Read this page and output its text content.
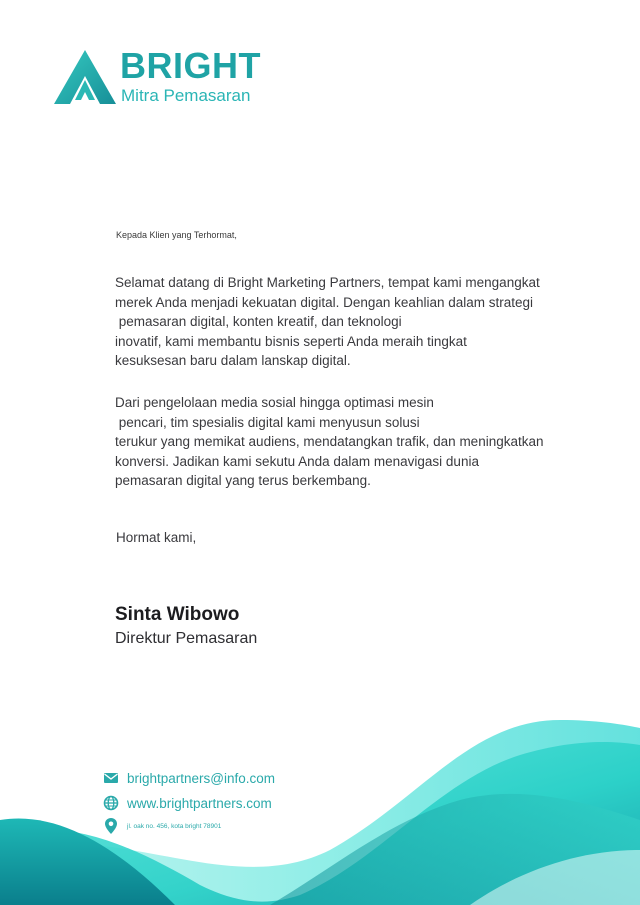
BRIGHT
Mitra Pemasaran
Kepada Klien yang Terhormat,
Selamat datang di Bright Marketing Partners, tempat kami mengangkat
merek Anda menjadi kekuatan digital. Dengan keahlian dalam strategi
pemasaran digital, konten kreatif, dan teknologi
inovatif, kami membantu bisnis seperti Anda meraih tingkat
kesuksesan baru dalam lanskap digital.
Dari pengelolaan media sosial hingga optimasi mesin
pencari, tim spesialis digital kami menyusun solusi
terukur yang memikat audiens, mendatangkan trafik, dan meningkatkan
konversi. Jadikan kami sekutu Anda dalam menavigasi dunia
pemasaran digital yang terus berkembang.
Hormat kami,
Sinta Wibowo
Direktur Pemasaran
brightpartners@info.com
www.brightpartners.com
jl. oak no. 456, kota bright 78901
